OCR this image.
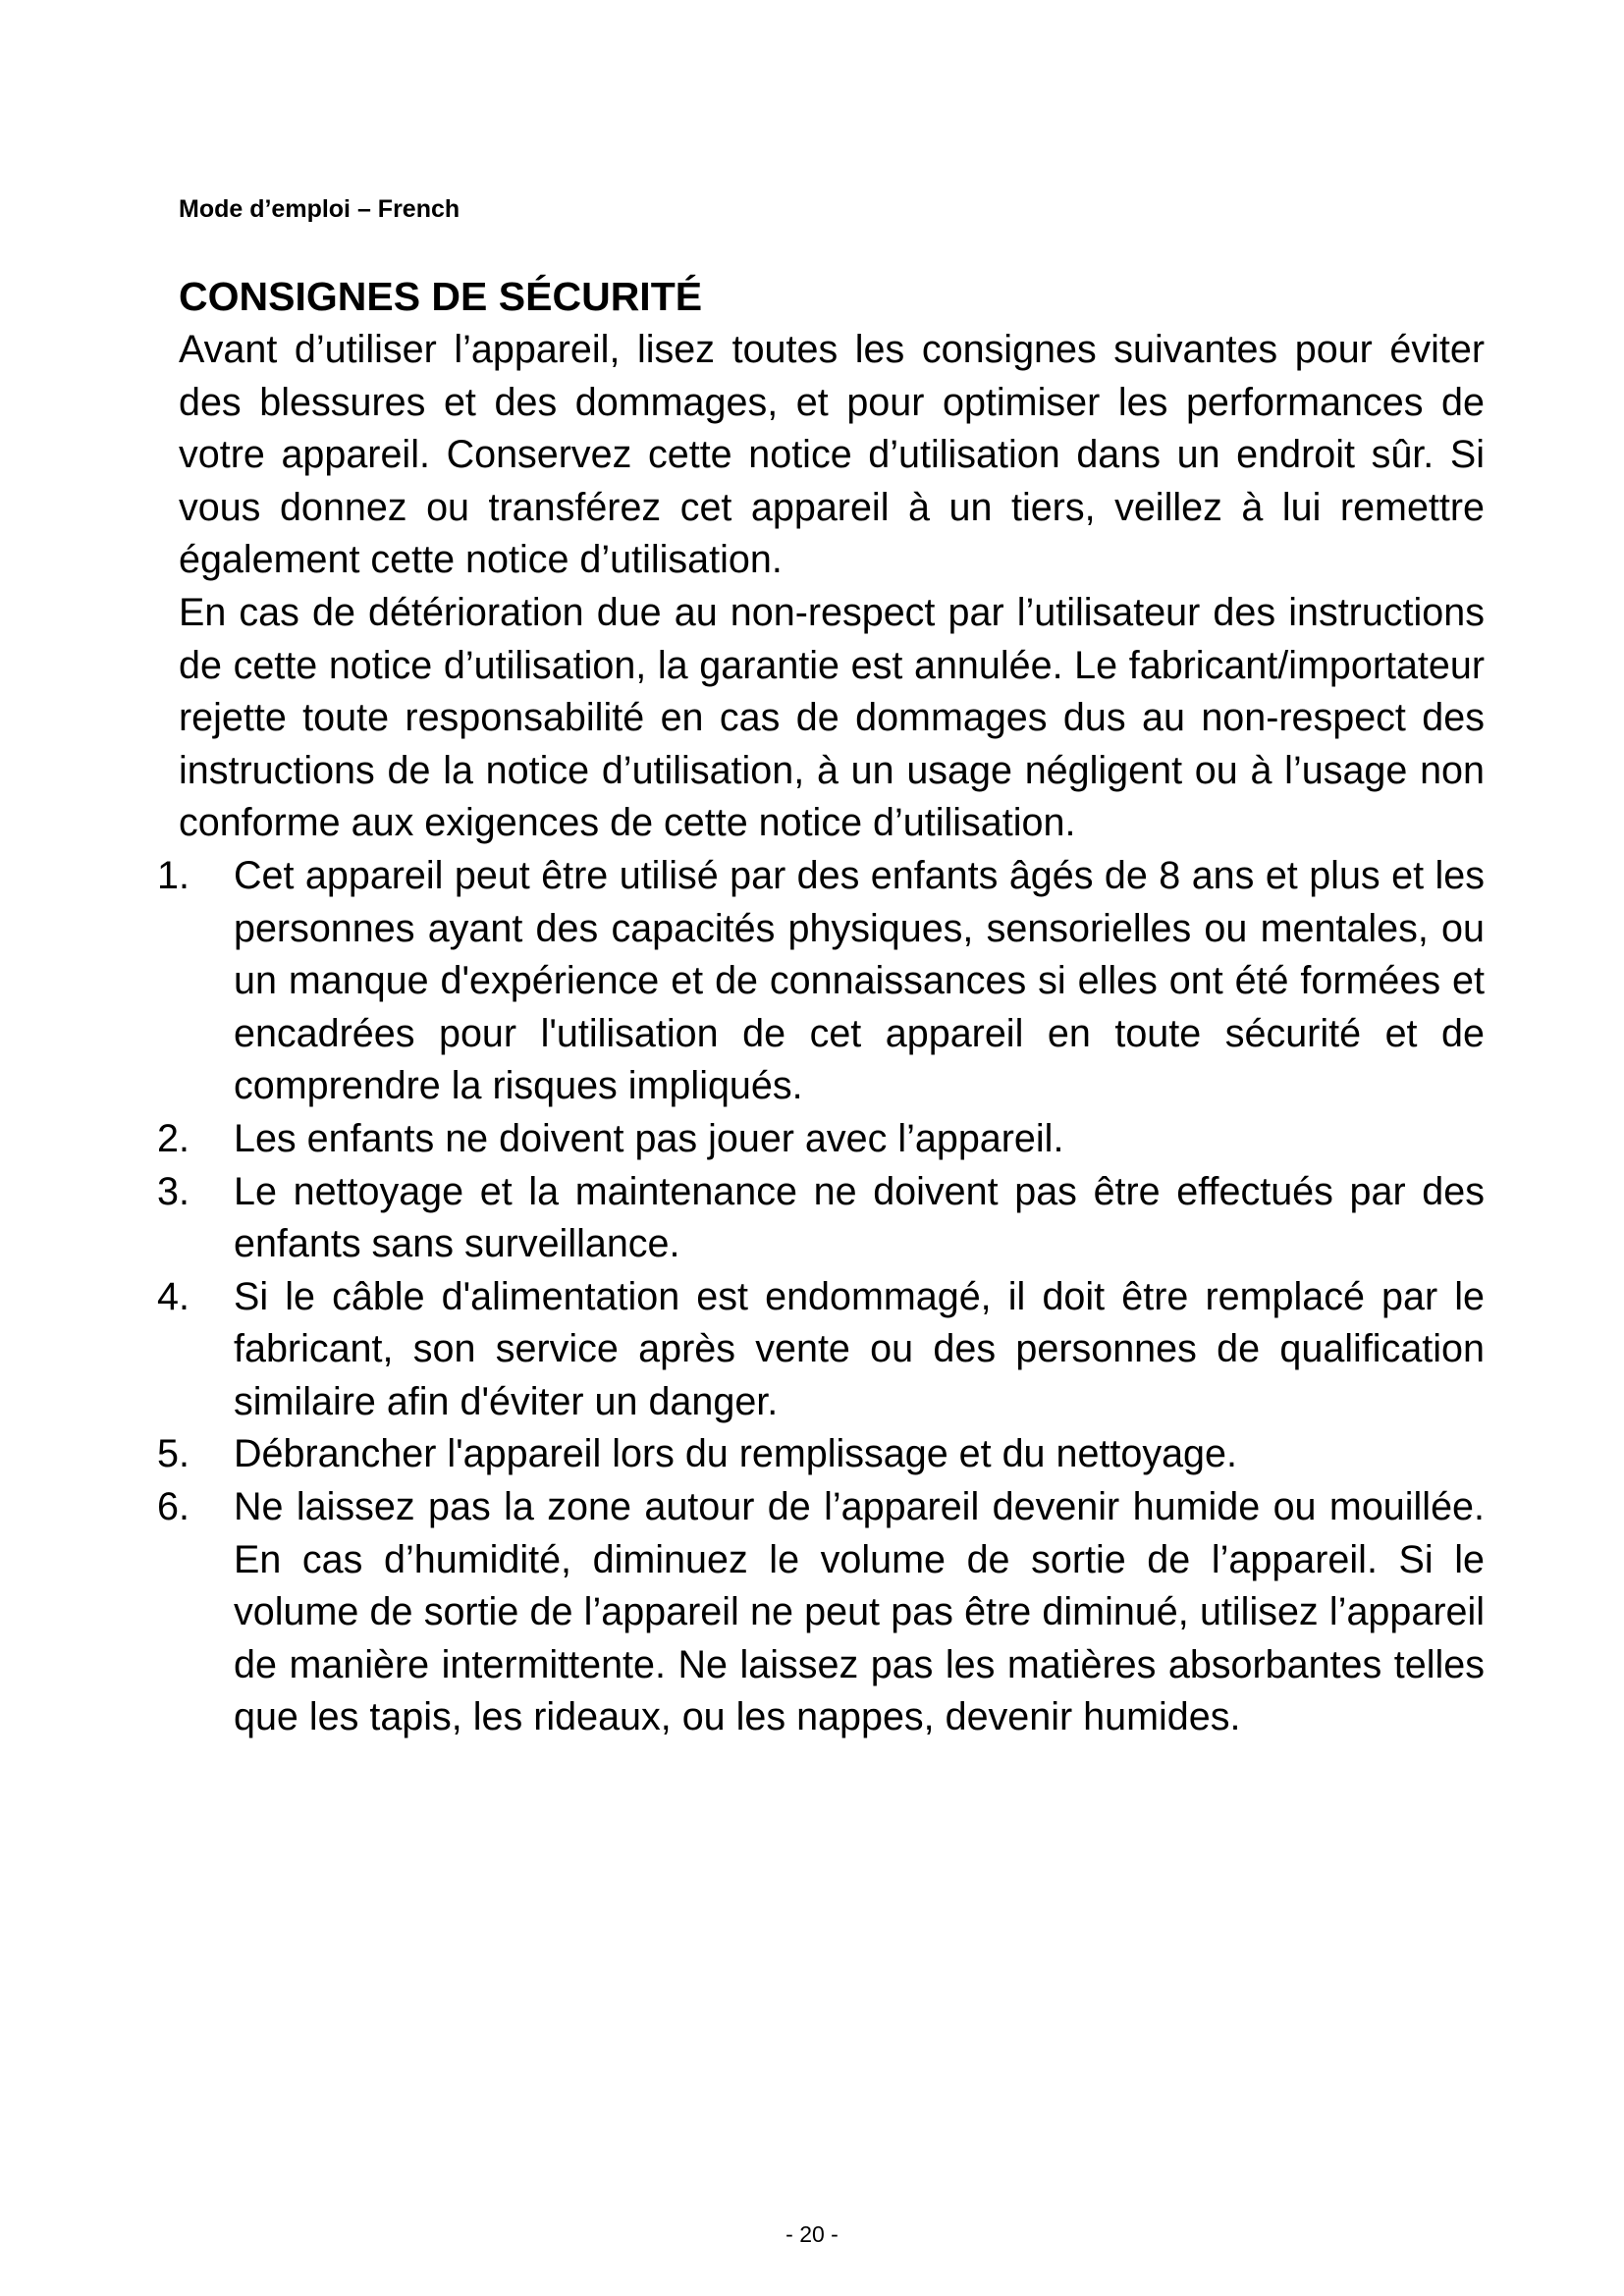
Mode d’emploi – French
CONSIGNES DE SÉCURITÉ

Avant d’utiliser l’appareil, lisez toutes les consignes suivantes pour éviter des blessures et des dommages, et pour optimiser les performances de votre appareil. Conservez cette notice d’utilisation dans un endroit sûr. Si vous donnez ou transférez cet appareil à un tiers, veillez à lui remettre également cette notice d’utilisation.

En cas de détérioration due au non-respect par l’utilisateur des instructions de cette notice d’utilisation, la garantie est annulée. Le fabricant/importateur rejette toute responsabilité en cas de dommages dus au non-respect des instructions de la notice d’utilisation, à un usage négligent ou à l’usage non conforme aux exigences de cette notice d’utilisation.

1.	Cet appareil peut être utilisé par des enfants âgés de 8 ans et plus et les personnes ayant des capacités physiques, sensorielles ou mentales, ou un manque d'expérience et de connaissances si elles ont été formées et encadrées pour l'utilisation de cet appareil en toute sécurité et de comprendre la risques impliqués.
2.	Les enfants ne doivent pas jouer avec l’appareil.
3.	Le nettoyage et la maintenance ne doivent pas être effectués par des enfants sans surveillance.
4.	Si le câble d'alimentation est endommagé, il doit être remplacé par le fabricant, son service après vente ou des personnes de qualification similaire afin d'éviter un danger.
5.	Débrancher l'appareil lors du remplissage et du nettoyage.
6.	Ne laissez pas la zone autour de l’appareil devenir humide ou mouillée. En cas d’humidité, diminuez le volume de sortie de l’appareil. Si le volume de sortie de l’appareil ne peut pas être diminué, utilisez l’appareil de manière intermittente. Ne laissez pas les matières absorbantes telles que les tapis, les rideaux, ou les nappes, devenir humides.
- 20 -
